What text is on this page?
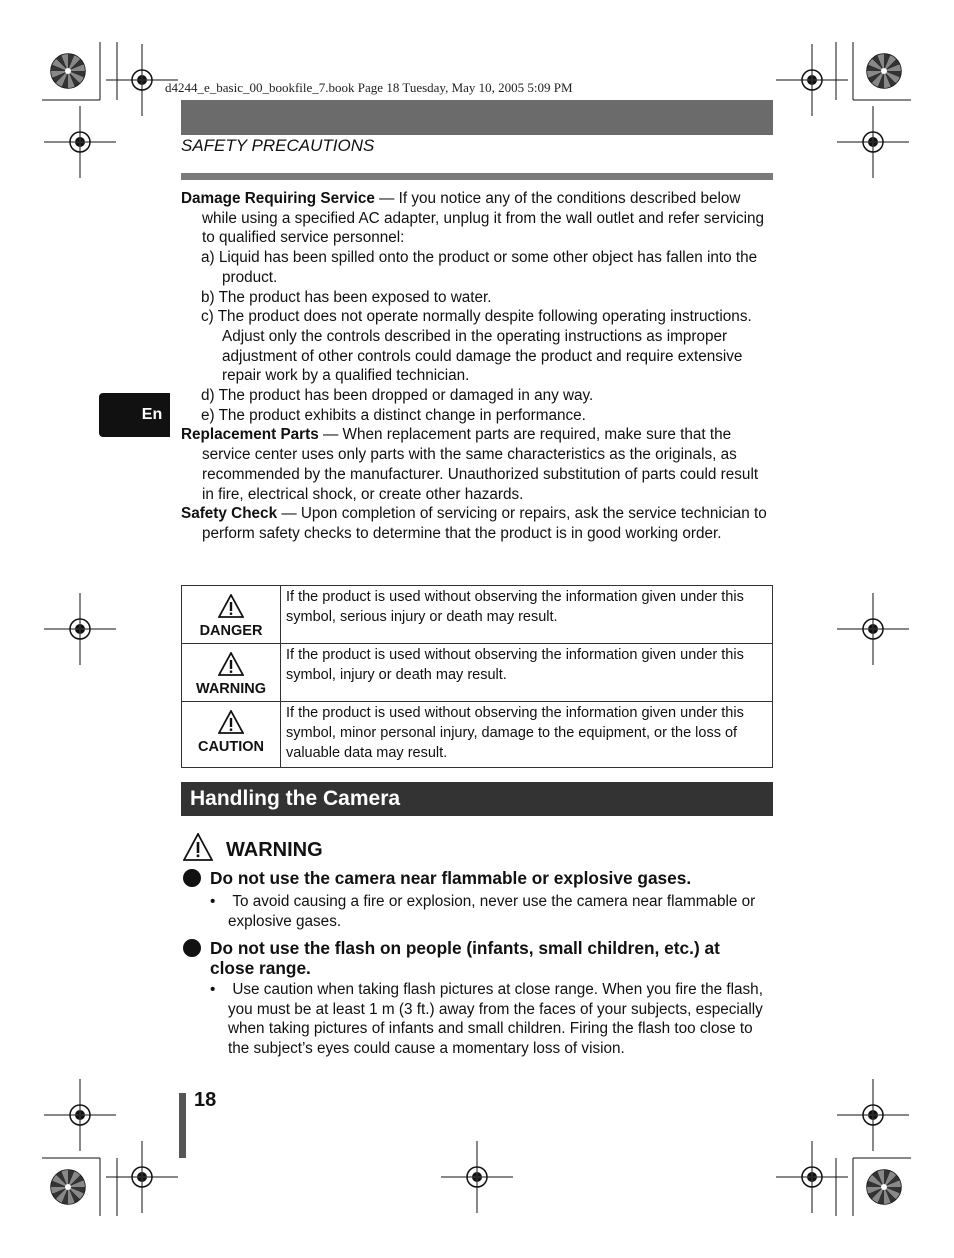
d4244_e_basic_00_bookfile_7.book Page 18 Tuesday, May 10, 2005 5:09 PM
SAFETY PRECAUTIONS
En

Damage Requiring Service — If you notice any of the conditions described below while using a specified AC adapter, unplug it from the wall outlet and refer servicing to qualified service personnel:

a) Liquid has been spilled onto the product or some other object has fallen into the product.

b) The product has been exposed to water.

c) The product does not operate normally despite following operating instructions. Adjust only the controls described in the operating instructions as improper adjustment of other controls could damage the product and require extensive repair work by a qualified technician.

d) The product has been dropped or damaged in any way.

e) The product exhibits a distinct change in performance.

Replacement Parts — When replacement parts are required, make sure that the service center uses only parts with the same characteristics as the originals, as recommended by the manufacturer. Unauthorized substitution of parts could result in fire, electrical shock, or create other hazards.

Safety Check — Upon completion of servicing or repairs, ask the service technician to perform safety checks to determine that the product is in good working order.

DANGER	If the product is used without observing the information given under this symbol, serious injury or death may result.

WARNING	If the product is used without observing the information given under this symbol, injury or death may result.

CAUTION	If the product is used without observing the information given under this symbol, minor personal injury, damage to the equipment, or the loss of valuable data may result.
Handling the Camera
WARNING
Do not use the camera near flammable or explosive gases.
•    To avoid causing a fire or explosion, never use the camera near flammable or explosive gases.
Do not use the flash on people (infants, small children, etc.) at close range.
•    Use caution when taking flash pictures at close range. When you fire the flash, you must be at least 1 m (3 ft.) away from the faces of your subjects, especially when taking pictures of infants and small children. Firing the flash too close to the subject’s eyes could cause a momentary loss of vision.
18
